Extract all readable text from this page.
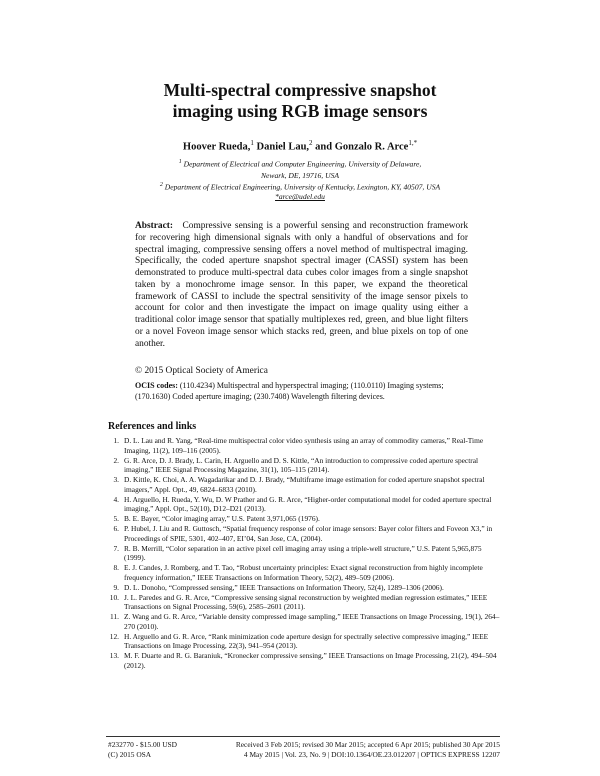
Multi-spectral compressive snapshot
imaging using RGB image sensors
Hoover Rueda,$^1$ Daniel Lau,$^2$ and Gonzalo R. Arce$^{1,*}$
$^1$ Department of Electrical and Computer Engineering, University of Delaware,
Newark, DE, 19716, USA
$^2$ Department of Electrical Engineering, University of Kentucky, Lexington, KY, 40507, USA
*arce@udel.edu
Abstract: Compressive sensing is a powerful sensing and reconstruction framework for recovering high dimensional signals with only a handful of observations and for spectral imaging, compressive sensing offers a novel method of multispectral imaging. Specifically, the coded aperture snapshot spectral imager (CASSI) system has been demonstrated to produce multi-spectral data cubes color images from a single snapshot taken by a monochrome image sensor. In this paper, we expand the theoretical framework of CASSI to include the spectral sensitivity of the image sensor pixels to account for color and then investigate the impact on image quality using either a traditional color image sensor that spatially multiplexes red, green, and blue light filters or a novel Foveon image sensor which stacks red, green, and blue pixels on top of one another.
© 2015 Optical Society of America
OCIS codes: (110.4234) Multispectral and hyperspectral imaging; (110.0110) Imaging systems; (170.1630) Coded aperture imaging; (230.7408) Wavelength filtering devices.
References and links
1. D. L. Lau and R. Yang, “Real-time multispectral color video synthesis using an array of commodity cameras,” Real-Time Imaging, 11(2), 109–116 (2005).
2. G. R. Arce, D. J. Brady, L. Carin, H. Arguello and D. S. Kittle, “An introduction to compressive coded aperture spectral imaging,” IEEE Signal Processing Magazine, 31(1), 105–115 (2014).
3. D. Kittle, K. Choi, A. A. Wagadarikar and D. J. Brady, “Multiframe image estimation for coded aperture snapshot spectral imagers,” Appl. Opt., 49, 6824–6833 (2010).
4. H. Arguello, H. Rueda, Y. Wu, D. W Prather and G. R. Arce, “Higher-order computational model for coded aperture spectral imaging,” Appl. Opt., 52(10), D12–D21 (2013).
5. B. E. Bayer, “Color imaging array,” U.S. Patent 3,971,065 (1976).
6. P. Hubel, J. Liu and R. Guttosch, “Spatial frequency response of color image sensors: Bayer color filters and Foveon X3,” in Proceedings of SPIE, 5301, 402–407, EI’04, San Jose, CA, (2004).
7. R. B. Merrill, “Color separation in an active pixel cell imaging array using a triple-well structure,” U.S. Patent 5,965,875 (1999).
8. E. J. Candes, J. Romberg, and T. Tao, “Robust uncertainty principles: Exact signal reconstruction from highly incomplete frequency information,” IEEE Transactions on Information Theory, 52(2), 489–509 (2006).
9. D. L. Donoho, “Compressed sensing,” IEEE Transactions on Information Theory, 52(4), 1289–1306 (2006).
10. J. L. Paredes and G. R. Arce, “Compressive sensing signal reconstruction by weighted median regression estimates,” IEEE Transactions on Signal Processing, 59(6), 2585–2601 (2011).
11. Z. Wang and G. R. Arce, “Variable density compressed image sampling,” IEEE Transactions on Image Processing, 19(1), 264–270 (2010).
12. H. Arguello and G. R. Arce, “Rank minimization code aperture design for spectrally selective compressive imaging,” IEEE Transactions on Image Processing, 22(3), 941–954 (2013).
13. M. F. Duarte and R. G. Baraniuk, “Kronecker compressive sensing,” IEEE Transactions on Image Processing, 21(2), 494–504 (2012).
#232770 - $15.00 USD
(C) 2015 OSA
Received 3 Feb 2015; revised 30 Mar 2015; accepted 6 Apr 2015; published 30 Apr 2015
4 May 2015 | Vol. 23, No. 9 | DOI:10.1364/OE.23.012207 | OPTICS EXPRESS 12207
